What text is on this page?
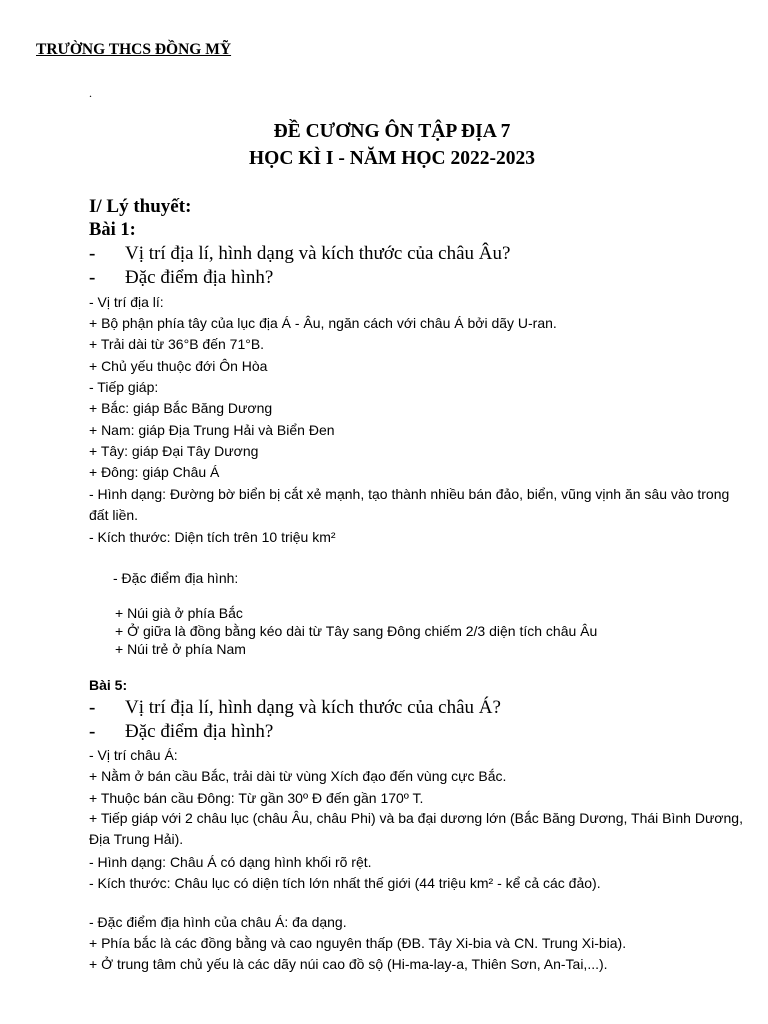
TRƯỜNG THCS ĐỒNG MỸ
.
ĐỀ CƯƠNG ÔN TẬP ĐỊA 7
HỌC KÌ I - NĂM HỌC 2022-2023
I/ Lý thuyết:
Bài 1:
- Vị trí địa lí, hình dạng và kích thước của châu Âu?
- Đặc điểm địa hình?
- Vị trí địa lí:
+ Bộ phận phía tây của lục địa Á - Âu, ngăn cách với châu Á bởi dãy U-ran.
+ Trải dài từ 36°B đến 71°B.
+ Chủ yếu thuộc đới Ôn Hòa
- Tiếp giáp:
+ Bắc: giáp Bắc Băng Dương
+ Nam: giáp Địa Trung Hải và Biển Đen
+ Tây: giáp Đại Tây Dương
+ Đông: giáp Châu Á
- Hình dạng: Đường bờ biển bị cắt xẻ mạnh, tạo thành nhiều bán đảo, biển, vũng vịnh ăn sâu vào trong đất liền.
- Kích thước: Diện tích trên 10 triệu km²
- Đặc điểm địa hình:
+ Núi già ở phía Bắc
+ Ở giữa là đồng bằng kéo dài từ Tây sang Đông chiếm 2/3 diện tích châu Âu
+ Núi trẻ ở phía Nam
Bài 5:
- Vị trí địa lí, hình dạng và kích thước của châu Á?
- Đặc điểm địa hình?
- Vị trí châu Á:
+ Nằm ở bán cầu Bắc, trải dài từ vùng Xích đạo đến vùng cực Bắc.
+ Thuộc bán cầu Đông: Từ gần 30º Đ đến gần 170º T.
+ Tiếp giáp với 2 châu lục (châu Âu, châu Phi) và ba đại dương lớn (Bắc Băng Dương, Thái Bình Dương, Địa Trung Hải).
- Hình dạng: Châu Á có dạng hình khối rõ rệt.
- Kích thước: Châu lục có diện tích lớn nhất thế giới (44 triệu km² - kể cả các đảo).
- Đặc điểm địa hình của châu Á: đa dạng.
+ Phía bắc là các đồng bằng và cao nguyên thấp (ĐB. Tây Xi-bia và CN. Trung Xi-bia).
+ Ở trung tâm chủ yếu là các dãy núi cao đồ sộ (Hi-ma-lay-a, Thiên Sơn, An-Tai,...).
